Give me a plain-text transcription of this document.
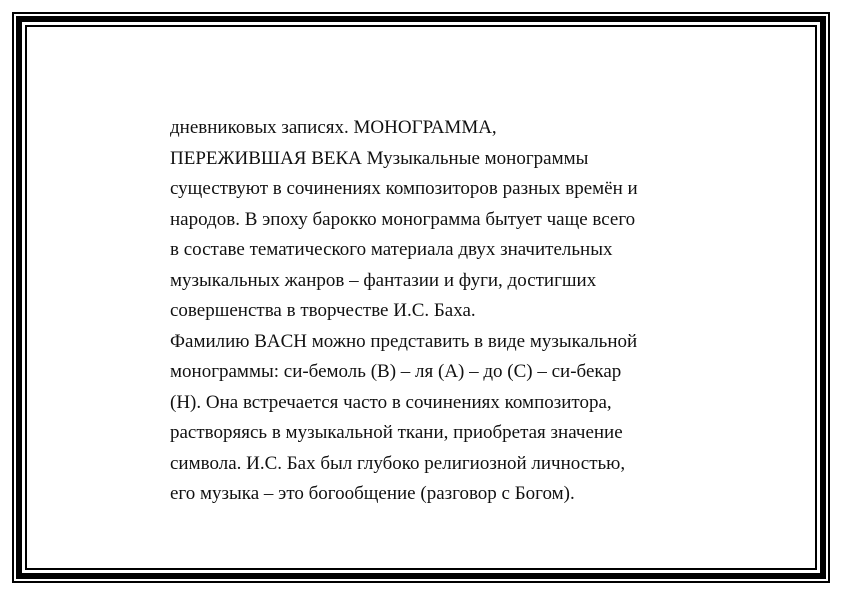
дневниковых записях. МОНОГРАММА,
ПЕРЕЖИВШАЯ ВЕКА Музыкальные монограммы
существуют в сочинениях композиторов разных времён и
народов. В эпоху барокко монограмма бытует чаще всего
в составе тематического материала двух значительных
музыкальных жанров – фантазии и фуги, достигших
совершенства в творчестве И.С. Баха.
Фамилию BACH можно представить в виде музыкальной
монограммы: си-бемоль (B) – ля (A) – до (C) – си-бекар
(H). Она встречается часто в сочинениях композитора,
растворяясь в музыкальной ткани, приобретая значение
символа. И.С. Бах был глубоко религиозной личностью,
его музыка – это богообщение (разговор с Богом).
